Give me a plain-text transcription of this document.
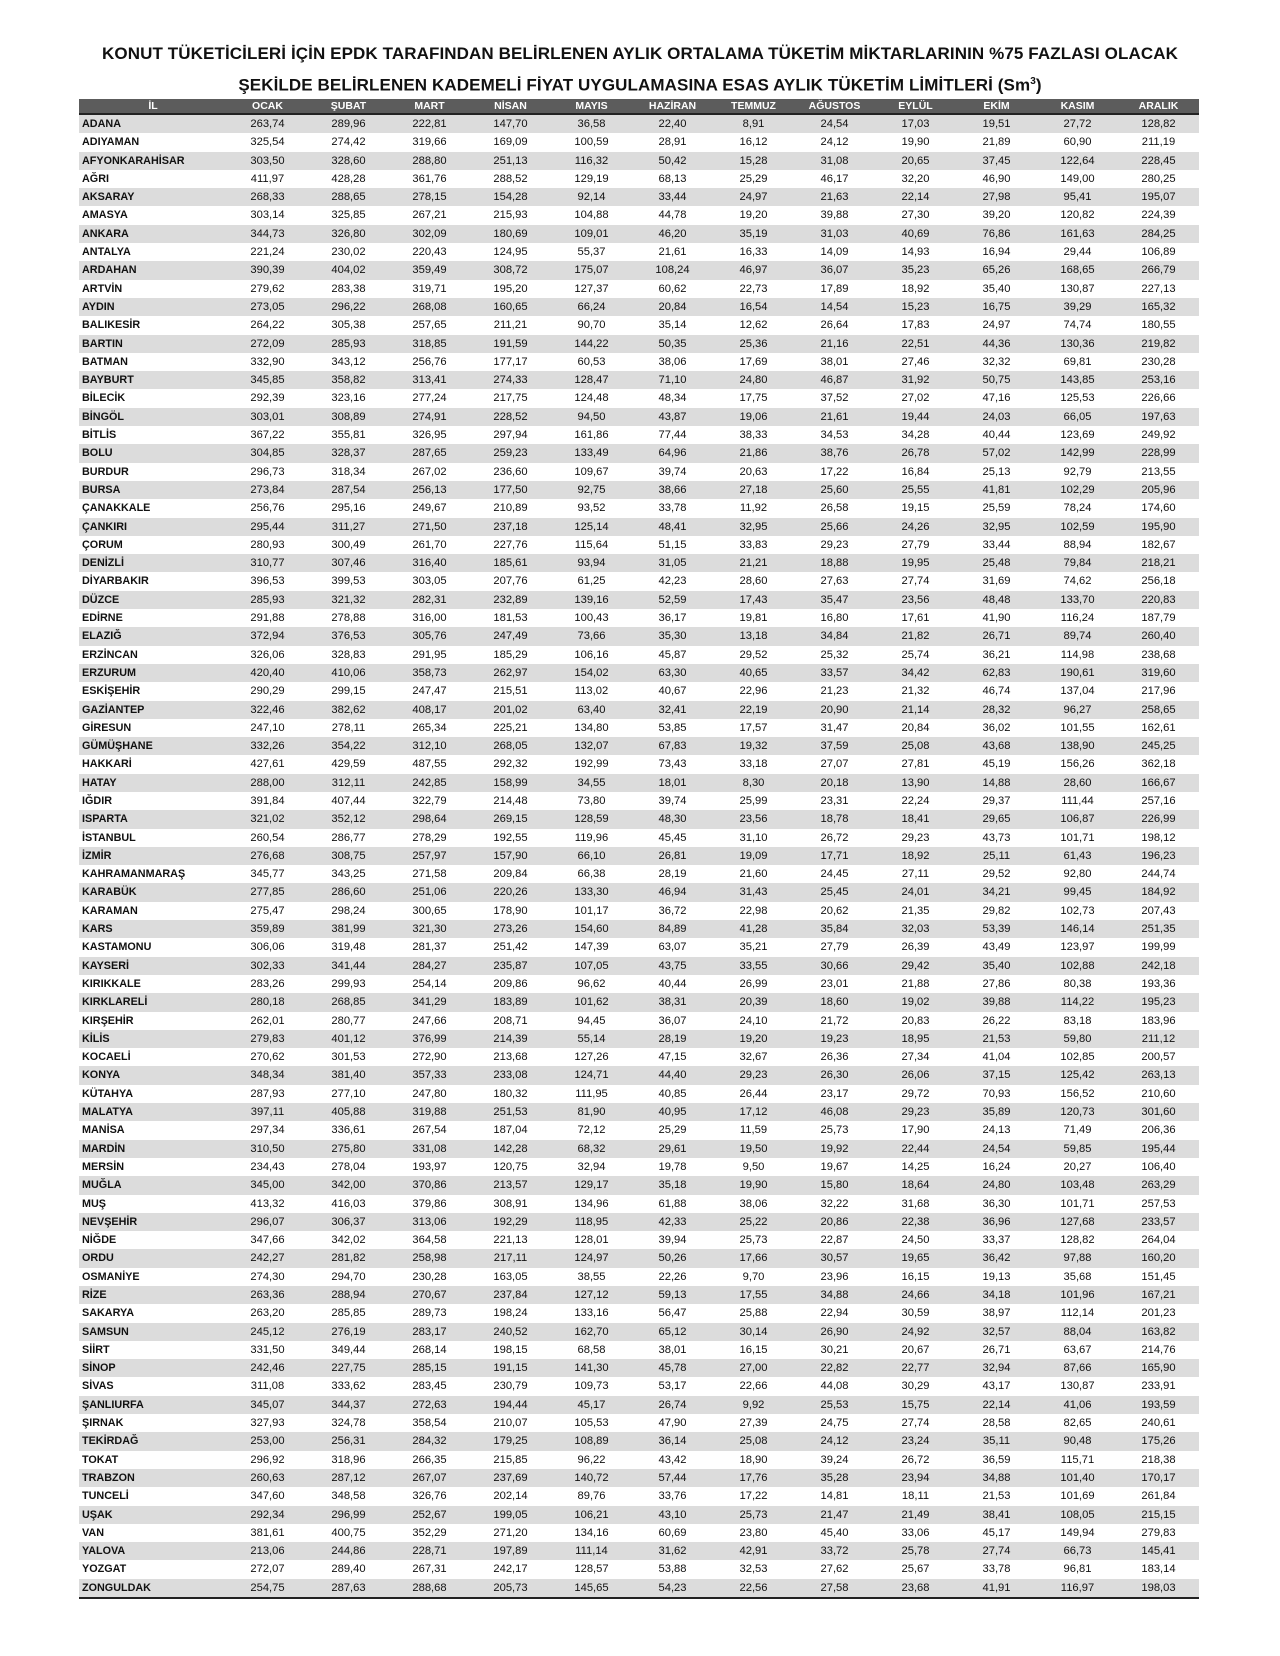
KONUT TÜKETİCİLERİ İÇİN EPDK TARAFINDAN BELİRLENEN AYLIK ORTALAMA TÜKETİM MİKTARLARININ %75 FAZLASI OLACAK
ŞEKİLDE BELİRLENEN KADEMELİ FİYAT UYGULAMASINA ESAS AYLIK TÜKETİM LİMİTLERİ (Sm$^3$)
İL	OCAK	ŞUBAT	MART	NİSAN	MAYIS	HAZİRAN	TEMMUZ	AĞUSTOS	EYLÜL	EKİM	KASIM	ARALIK
ADANA	263,74	289,96	222,81	147,70	36,58	22,40	8,91	24,54	17,03	19,51	27,72	128,82
ADIYAMAN	325,54	274,42	319,66	169,09	100,59	28,91	16,12	24,12	19,90	21,89	60,90	211,19
AFYONKARAHİSAR	303,50	328,60	288,80	251,13	116,32	50,42	15,28	31,08	20,65	37,45	122,64	228,45
AĞRI	411,97	428,28	361,76	288,52	129,19	68,13	25,29	46,17	32,20	46,90	149,00	280,25
AKSARAY	268,33	288,65	278,15	154,28	92,14	33,44	24,97	21,63	22,14	27,98	95,41	195,07
AMASYA	303,14	325,85	267,21	215,93	104,88	44,78	19,20	39,88	27,30	39,20	120,82	224,39
ANKARA	344,73	326,80	302,09	180,69	109,01	46,20	35,19	31,03	40,69	76,86	161,63	284,25
ANTALYA	221,24	230,02	220,43	124,95	55,37	21,61	16,33	14,09	14,93	16,94	29,44	106,89
ARDAHAN	390,39	404,02	359,49	308,72	175,07	108,24	46,97	36,07	35,23	65,26	168,65	266,79
ARTVİN	279,62	283,38	319,71	195,20	127,37	60,62	22,73	17,89	18,92	35,40	130,87	227,13
AYDIN	273,05	296,22	268,08	160,65	66,24	20,84	16,54	14,54	15,23	16,75	39,29	165,32
BALIKESİR	264,22	305,38	257,65	211,21	90,70	35,14	12,62	26,64	17,83	24,97	74,74	180,55
BARTIN	272,09	285,93	318,85	191,59	144,22	50,35	25,36	21,16	22,51	44,36	130,36	219,82
BATMAN	332,90	343,12	256,76	177,17	60,53	38,06	17,69	38,01	27,46	32,32	69,81	230,28
BAYBURT	345,85	358,82	313,41	274,33	128,47	71,10	24,80	46,87	31,92	50,75	143,85	253,16
BİLECİK	292,39	323,16	277,24	217,75	124,48	48,34	17,75	37,52	27,02	47,16	125,53	226,66
BİNGÖL	303,01	308,89	274,91	228,52	94,50	43,87	19,06	21,61	19,44	24,03	66,05	197,63
BİTLİS	367,22	355,81	326,95	297,94	161,86	77,44	38,33	34,53	34,28	40,44	123,69	249,92
BOLU	304,85	328,37	287,65	259,23	133,49	64,96	21,86	38,76	26,78	57,02	142,99	228,99
BURDUR	296,73	318,34	267,02	236,60	109,67	39,74	20,63	17,22	16,84	25,13	92,79	213,55
BURSA	273,84	287,54	256,13	177,50	92,75	38,66	27,18	25,60	25,55	41,81	102,29	205,96
ÇANAKKALE	256,76	295,16	249,67	210,89	93,52	33,78	11,92	26,58	19,15	25,59	78,24	174,60
ÇANKIRI	295,44	311,27	271,50	237,18	125,14	48,41	32,95	25,66	24,26	32,95	102,59	195,90
ÇORUM	280,93	300,49	261,70	227,76	115,64	51,15	33,83	29,23	27,79	33,44	88,94	182,67
DENİZLİ	310,77	307,46	316,40	185,61	93,94	31,05	21,21	18,88	19,95	25,48	79,84	218,21
DİYARBAKIR	396,53	399,53	303,05	207,76	61,25	42,23	28,60	27,63	27,74	31,69	74,62	256,18
DÜZCE	285,93	321,32	282,31	232,89	139,16	52,59	17,43	35,47	23,56	48,48	133,70	220,83
EDİRNE	291,88	278,88	316,00	181,53	100,43	36,17	19,81	16,80	17,61	41,90	116,24	187,79
ELAZIĞ	372,94	376,53	305,76	247,49	73,66	35,30	13,18	34,84	21,82	26,71	89,74	260,40
ERZİNCAN	326,06	328,83	291,95	185,29	106,16	45,87	29,52	25,32	25,74	36,21	114,98	238,68
ERZURUM	420,40	410,06	358,73	262,97	154,02	63,30	40,65	33,57	34,42	62,83	190,61	319,60
ESKİŞEHİR	290,29	299,15	247,47	215,51	113,02	40,67	22,96	21,23	21,32	46,74	137,04	217,96
GAZİANTEP	322,46	382,62	408,17	201,02	63,40	32,41	22,19	20,90	21,14	28,32	96,27	258,65
GİRESUN	247,10	278,11	265,34	225,21	134,80	53,85	17,57	31,47	20,84	36,02	101,55	162,61
GÜMÜŞHANE	332,26	354,22	312,10	268,05	132,07	67,83	19,32	37,59	25,08	43,68	138,90	245,25
HAKKARİ	427,61	429,59	487,55	292,32	192,99	73,43	33,18	27,07	27,81	45,19	156,26	362,18
HATAY	288,00	312,11	242,85	158,99	34,55	18,01	8,30	20,18	13,90	14,88	28,60	166,67
IĞDIR	391,84	407,44	322,79	214,48	73,80	39,74	25,99	23,31	22,24	29,37	111,44	257,16
ISPARTA	321,02	352,12	298,64	269,15	128,59	48,30	23,56	18,78	18,41	29,65	106,87	226,99
İSTANBUL	260,54	286,77	278,29	192,55	119,96	45,45	31,10	26,72	29,23	43,73	101,71	198,12
İZMİR	276,68	308,75	257,97	157,90	66,10	26,81	19,09	17,71	18,92	25,11	61,43	196,23
KAHRAMANMARAŞ	345,77	343,25	271,58	209,84	66,38	28,19	21,60	24,45	27,11	29,52	92,80	244,74
KARABÜK	277,85	286,60	251,06	220,26	133,30	46,94	31,43	25,45	24,01	34,21	99,45	184,92
KARAMAN	275,47	298,24	300,65	178,90	101,17	36,72	22,98	20,62	21,35	29,82	102,73	207,43
KARS	359,89	381,99	321,30	273,26	154,60	84,89	41,28	35,84	32,03	53,39	146,14	251,35
KASTAMONU	306,06	319,48	281,37	251,42	147,39	63,07	35,21	27,79	26,39	43,49	123,97	199,99
KAYSERİ	302,33	341,44	284,27	235,87	107,05	43,75	33,55	30,66	29,42	35,40	102,88	242,18
KIRIKKALE	283,26	299,93	254,14	209,86	96,62	40,44	26,99	23,01	21,88	27,86	80,38	193,36
KIRKLARELİ	280,18	268,85	341,29	183,89	101,62	38,31	20,39	18,60	19,02	39,88	114,22	195,23
KIRŞEHİR	262,01	280,77	247,66	208,71	94,45	36,07	24,10	21,72	20,83	26,22	83,18	183,96
KİLİS	279,83	401,12	376,99	214,39	55,14	28,19	19,20	19,23	18,95	21,53	59,80	211,12
KOCAELİ	270,62	301,53	272,90	213,68	127,26	47,15	32,67	26,36	27,34	41,04	102,85	200,57
KONYA	348,34	381,40	357,33	233,08	124,71	44,40	29,23	26,30	26,06	37,15	125,42	263,13
KÜTAHYA	287,93	277,10	247,80	180,32	111,95	40,85	26,44	23,17	29,72	70,93	156,52	210,60
MALATYA	397,11	405,88	319,88	251,53	81,90	40,95	17,12	46,08	29,23	35,89	120,73	301,60
MANİSA	297,34	336,61	267,54	187,04	72,12	25,29	11,59	25,73	17,90	24,13	71,49	206,36
MARDİN	310,50	275,80	331,08	142,28	68,32	29,61	19,50	19,92	22,44	24,54	59,85	195,44
MERSİN	234,43	278,04	193,97	120,75	32,94	19,78	9,50	19,67	14,25	16,24	20,27	106,40
MUĞLA	345,00	342,00	370,86	213,57	129,17	35,18	19,90	15,80	18,64	24,80	103,48	263,29
MUŞ	413,32	416,03	379,86	308,91	134,96	61,88	38,06	32,22	31,68	36,30	101,71	257,53
NEVŞEHİR	296,07	306,37	313,06	192,29	118,95	42,33	25,22	20,86	22,38	36,96	127,68	233,57
NİĞDE	347,66	342,02	364,58	221,13	128,01	39,94	25,73	22,87	24,50	33,37	128,82	264,04
ORDU	242,27	281,82	258,98	217,11	124,97	50,26	17,66	30,57	19,65	36,42	97,88	160,20
OSMANİYE	274,30	294,70	230,28	163,05	38,55	22,26	9,70	23,96	16,15	19,13	35,68	151,45
RİZE	263,36	288,94	270,67	237,84	127,12	59,13	17,55	34,88	24,66	34,18	101,96	167,21
SAKARYA	263,20	285,85	289,73	198,24	133,16	56,47	25,88	22,94	30,59	38,97	112,14	201,23
SAMSUN	245,12	276,19	283,17	240,52	162,70	65,12	30,14	26,90	24,92	32,57	88,04	163,82
SİİRT	331,50	349,44	268,14	198,15	68,58	38,01	16,15	30,21	20,67	26,71	63,67	214,76
SİNOP	242,46	227,75	285,15	191,15	141,30	45,78	27,00	22,82	22,77	32,94	87,66	165,90
SİVAS	311,08	333,62	283,45	230,79	109,73	53,17	22,66	44,08	30,29	43,17	130,87	233,91
ŞANLIURFA	345,07	344,37	272,63	194,44	45,17	26,74	9,92	25,53	15,75	22,14	41,06	193,59
ŞIRNAK	327,93	324,78	358,54	210,07	105,53	47,90	27,39	24,75	27,74	28,58	82,65	240,61
TEKİRDAĞ	253,00	256,31	284,32	179,25	108,89	36,14	25,08	24,12	23,24	35,11	90,48	175,26
TOKAT	296,92	318,96	266,35	215,85	96,22	43,42	18,90	39,24	26,72	36,59	115,71	218,38
TRABZON	260,63	287,12	267,07	237,69	140,72	57,44	17,76	35,28	23,94	34,88	101,40	170,17
TUNCELİ	347,60	348,58	326,76	202,14	89,76	33,76	17,22	14,81	18,11	21,53	101,69	261,84
UŞAK	292,34	296,99	252,67	199,05	106,21	43,10	25,73	21,47	21,49	38,41	108,05	215,15
VAN	381,61	400,75	352,29	271,20	134,16	60,69	23,80	45,40	33,06	45,17	149,94	279,83
YALOVA	213,06	244,86	228,71	197,89	111,14	31,62	42,91	33,72	25,78	27,74	66,73	145,41
YOZGAT	272,07	289,40	267,31	242,17	128,57	53,88	32,53	27,62	25,67	33,78	96,81	183,14
ZONGULDAK	254,75	287,63	288,68	205,73	145,65	54,23	22,56	27,58	23,68	41,91	116,97	198,03
